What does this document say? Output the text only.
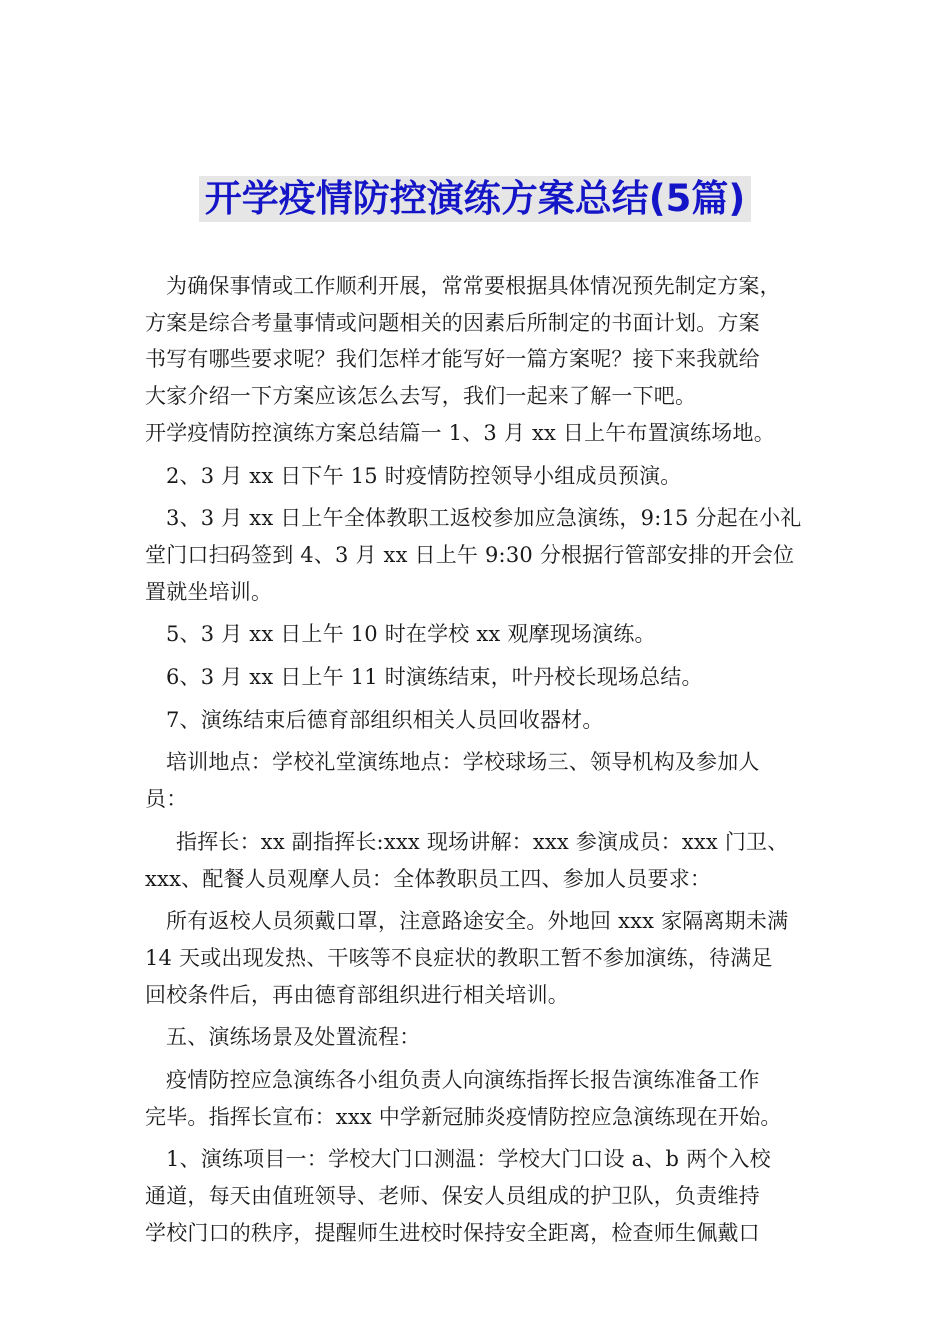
开学疫情防控演练方案总结(5篇)

为确保事情或工作顺利开展，常常要根据具体情况预先制定方案，

方案是综合考量事情或问题相关的因素后所制定的书面计划。方案

书写有哪些要求呢？我们怎样才能写好一篇方案呢？接下来我就给

大家介绍一下方案应该怎么去写，我们一起来了解一下吧。

开学疫情防控演练方案总结篇一 1、3 月 xx 日上午布置演练场地。

2、3 月 xx 日下午 15 时疫情防控领导小组成员预演。

3、3 月 xx 日上午全体教职工返校参加应急演练，9:15 分起在小礼

堂门口扫码签到 4、3 月 xx 日上午 9:30 分根据行管部安排的开会位

置就坐培训。

5、3 月 xx 日上午 10 时在学校 xx 观摩现场演练。

6、3 月 xx 日上午 11 时演练结束，叶丹校长现场总结。

7、演练结束后德育部组织相关人员回收器材。

培训地点：学校礼堂演练地点：学校球场三、领导机构及参加人

员：

指挥长：xx 副指挥长:xxx 现场讲解：xxx 参演成员：xxx 门卫、

xxx、配餐人员观摩人员：全体教职员工四、参加人员要求：

所有返校人员须戴口罩，注意路途安全。外地回 xxx 家隔离期未满

14 天或出现发热、干咳等不良症状的教职工暂不参加演练，待满足

回校条件后，再由德育部组织进行相关培训。

五、演练场景及处置流程：

疫情防控应急演练各小组负责人向演练指挥长报告演练准备工作

完毕。指挥长宣布：xxx 中学新冠肺炎疫情防控应急演练现在开始。

1、演练项目一：学校大门口测温：学校大门口设 a、b 两个入校

通道，每天由值班领导、老师、保安人员组成的护卫队，负责维持

学校门口的秩序，提醒师生进校时保持安全距离，检查师生佩戴口
